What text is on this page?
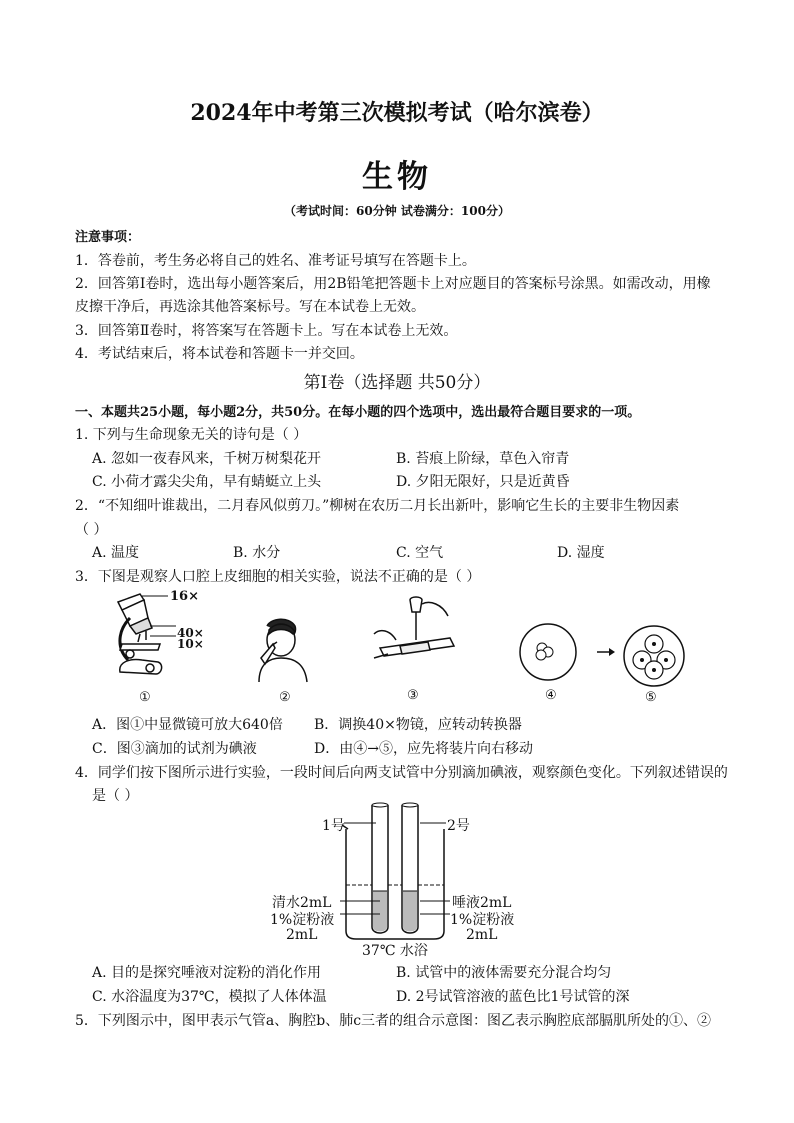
2024年中考第三次模拟考试（哈尔滨卷）
生物
（考试时间：60分钟 试卷满分：100分）
注意事项：
1．答卷前，考生务必将自己的姓名、准考证号填写在答题卡上。
2．回答第Ⅰ卷时，选出每小题答案后，用2B铅笔把答题卡上对应题目的答案标号涂黑。如需改动，用橡
皮擦干净后，再选涂其他答案标号。写在本试卷上无效。
3．回答第Ⅱ卷时，将答案写在答题卡上。写在本试卷上无效。
4．考试结束后，将本试卷和答题卡一并交回。
第Ⅰ卷（选择题 共50分）
一、本题共25小题，每小题2分，共50分。在每小题的四个选项中，选出最符合题目要求的一项。
1. 下列与生命现象无关的诗句是（ ）
A. 忽如一夜春风来，千树万树梨花开	B. 苔痕上阶绿，草色入帘青
C. 小荷才露尖尖角，早有蜻蜓立上头	D. 夕阳无限好，只是近黄昏
2．“不知细叶谁裁出，二月春风似剪刀。”柳树在农历二月长出新叶，影响它生长的主要非生物因素
（ ）
A. 温度	B. 水分	C. 空气	D. 湿度
3．下图是观察人口腔上皮细胞的相关实验，说法不正确的是（ ）
16×
40×
10×
①	②	③	④	⑤
A．图①中显微镜可放大640倍 B．调换40×物镜，应转动转换器
C．图③滴加的试剂为碘液	D．由④→⑤，应先将装片向右移动
4．同学们按下图所示进行实验，一段时间后向两支试管中分别滴加碘液，观察颜色变化。下列叙述错误的
是（ ）
1号	2号
清水2mL
1%淀粉液
2mL
唾液2mL
1%淀粉液
2mL
37℃ 水浴
A. 目的是探究唾液对淀粉的消化作用	B. 试管中的液体需要充分混合均匀
C. 水浴温度为37℃，模拟了人体体温	D. 2号试管溶液的蓝色比1号试管的深
5．下列图示中，图甲表示气管a、胸腔b、肺c三者的组合示意图：图乙表示胸腔底部膈肌所处的①、②
